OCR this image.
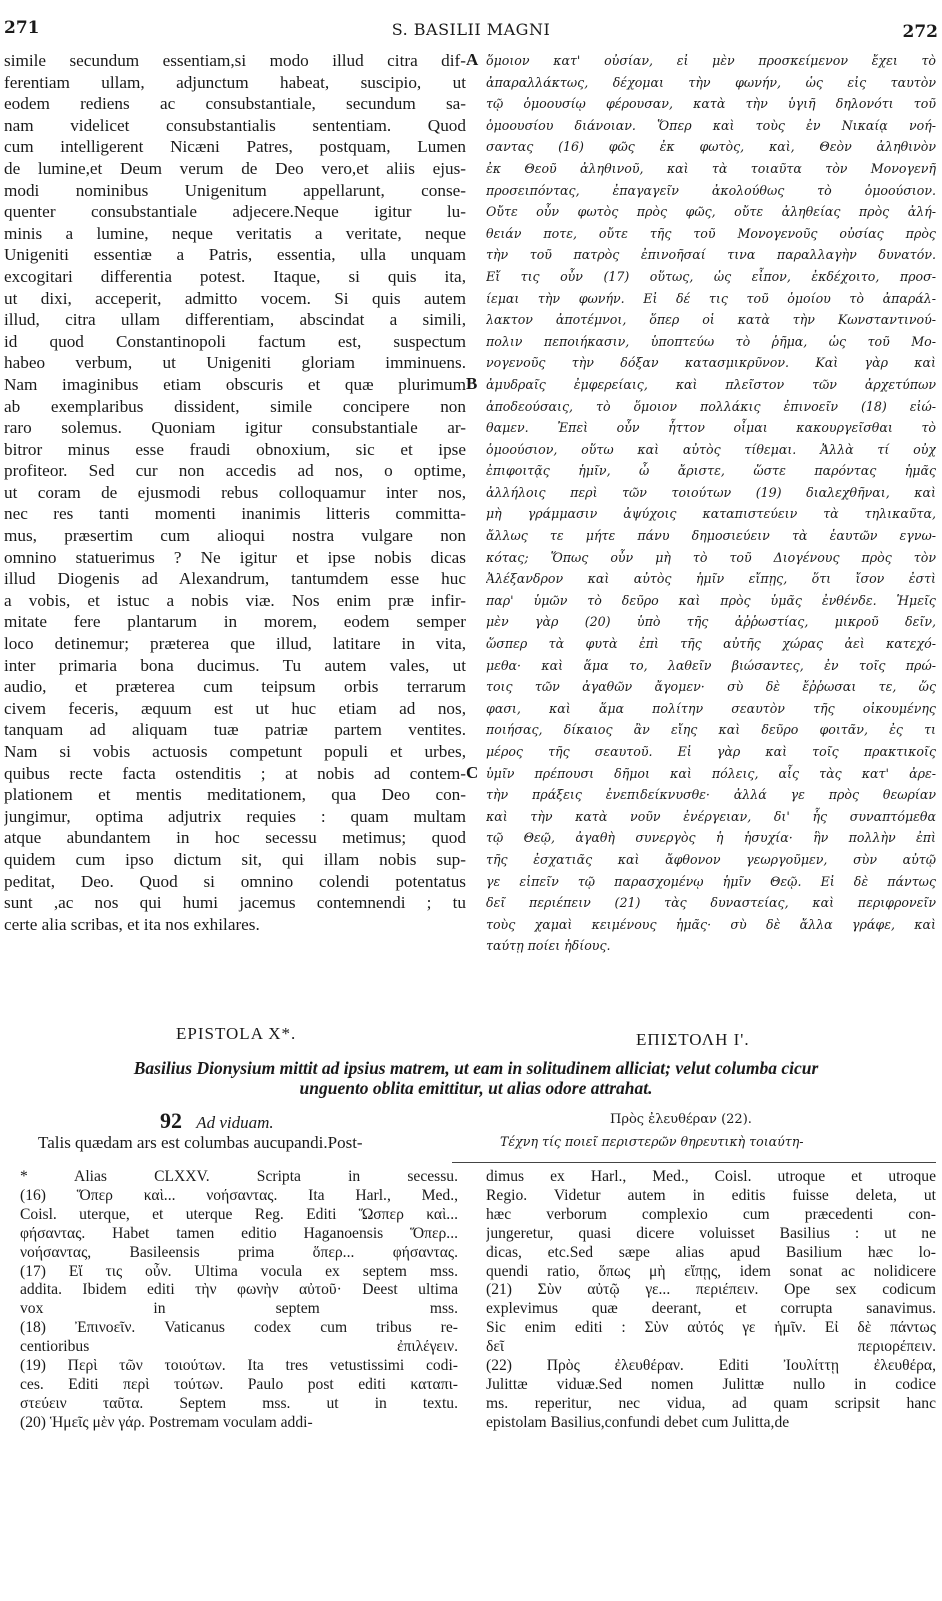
271	S. BASILII MAGNI	272
simile secundum essentiam,si modo illud citra dif-
ferentiam ullam, adjunctum habeat, suscipio, ut
eodem rediens ac consubstantiale, secundum sa-
nam videlicet consubstantialis sententiam. Quod
cum intelligerent Nicæni Patres, postquam, Lumen
de lumine,et Deum verum de Deo vero,et aliis ejus-
modi nominibus Unigenitum appellarunt, conse-
quenter consubstantiale adjecere.Neque igitur lu-
minis a lumine, neque veritatis a veritate, neque
Unigeniti essentiæ a Patris, essentia, ulla unquam
excogitari differentia potest. Itaque, si quis ita,
ut dixi, acceperit, admitto vocem. Si quis autem
illud, citra ullam differentiam, abscindat a simili,
id quod Constantinopoli factum est, suspectum
habeo verbum, ut Unigeniti gloriam imminuens.
Nam imaginibus etiam obscuris et quæ plurimum
ab exemplaribus dissident, simile concipere non
raro solemus. Quoniam igitur consubstantiale ar-
bitror minus esse fraudi obnoxium, sic et ipse
profiteor. Sed cur non accedis ad nos, o optime,
ut coram de ejusmodi rebus colloquamur inter nos,
nec res tanti momenti inanimis litteris committa-
mus, præsertim cum alioqui nostra vulgare non
omnino statuerimus ? Ne igitur et ipse nobis dicas
illud Diogenis ad Alexandrum, tantumdem esse huc
a vobis, et istuc a nobis viæ. Nos enim præ infir-
mitate fere plantarum in morem, eodem semper
loco detinemur; præterea que illud, latitare in vita,
inter primaria bona ducimus. Tu autem vales, ut
audio, et præterea cum teipsum orbis terrarum
civem feceris, æquum est ut huc etiam ad nos,
tanquam ad aliquam tuæ patriæ partem ventites.
Nam si vobis actuosis competunt populi et urbes,
quibus recte facta ostenditis ; at nobis ad contem-
plationem et mentis meditationem, qua Deo con-
jungimur, optima adjutrix requies : quam multam
atque abundantem in hoc secessu metimus; quod
quidem cum ipso dictum sit, qui illam nobis sup-
peditat, Deo. Quod si omnino colendi potentatus
sunt ,ac nos qui humi jacemus contemnendi ; tu
certe alia scribas, et ita nos exhilares.
ὅμοιον κατ' οὐσίαν, εἰ μὲν προσκείμενον ἔχει τὸ
ἀπαραλλάκτως, δέχομαι τὴν φωνήν, ὡς εἰς ταυτὸν
τῷ ὁμοουσίῳ φέρουσαν, κατὰ τὴν ὑγιῆ δηλονότι τοῦ
ὁμοουσίου διάνοιαν. Ὅπερ καὶ τοὺς ἐν Νικαίᾳ νοή-
σαντας (16) φῶς ἐκ φωτὸς, καὶ, Θεὸν ἀληθινὸν
ἐκ Θεοῦ ἀληθινοῦ, καὶ τὰ τοιαῦτα τὸν Μονογενῆ
προσειπόντας, ἐπαγαγεῖν ἀκολούθως τὸ ὁμοούσιον.
Οὔτε οὖν φωτὸς πρὸς φῶς, οὔτε ἀληθείας πρὸς ἀλή-
θειάν ποτε, οὔτε τῆς τοῦ Μονογενοῦς οὐσίας πρὸς
τὴν τοῦ πατρὸς ἐπινοῆσαί τινα παραλλαγὴν δυνατόν.
Εἴ τις οὖν (17) οὕτως, ὡς εἶπον, ἐκδέχοιτο, προσ-
ίεμαι τὴν φωνήν. Εἰ δέ τις τοῦ ὁμοίου τὸ ἀπαράλ-
λακτον ἀποτέμνοι, ὅπερ οἱ κατὰ τὴν Κωνσταντινού-
πολιν πεποιήκασιν, ὑποπτεύω τὸ ῥῆμα, ὡς τοῦ Μο-
νογενοῦς τὴν δόξαν κατασμικρῦνον. Καὶ γὰρ καὶ
ἀμυδραῖς ἐμφερείαις, καὶ πλεῖστον τῶν ἀρχετύπων
ἀποδεούσαις, τὸ ὅμοιον πολλάκις ἐπινοεῖν (18) εἰώ-
θαμεν. Ἐπεὶ οὖν ἧττον οἶμαι κακουργεῖσθαι τὸ
ὁμοούσιον, οὕτω καὶ αὐτὸς τίθεμαι. Ἀλλὰ τί οὐχ
ἐπιφοιτᾷς ἡμῖν, ὦ ἄριστε, ὥστε παρόντας ἡμᾶς
ἀλλήλοις περὶ τῶν τοιούτων (19) διαλεχθῆναι, καὶ
μὴ γράμμασιν ἀψύχοις καταπιστεύειν τὰ τηλικαῦτα,
ἄλλως τε μήτε πάνυ δημοσιεύειν τὰ ἑαυτῶν εγνω-
κότας; Ὅπως οὖν μὴ τὸ τοῦ Διογένους πρὸς τὸν
Ἀλέξανδρον καὶ αὐτὸς ἡμῖν εἴπῃς, ὅτι ἴσον ἐστὶ
παρ' ὑμῶν τὸ δεῦρο καὶ πρὸς ὑμᾶς ἐνθένδε. Ἡμεῖς
μὲν γὰρ (20) ὑπὸ τῆς ἀῤῥωστίας, μικροῦ δεῖν,
ὥσπερ τὰ φυτὰ ἐπὶ τῆς αὐτῆς χώρας ἀεὶ κατεχό-
μεθα· καὶ ἅμα το, λαθεῖν βιώσαντες, ἐν τοῖς πρώ-
τοις τῶν ἀγαθῶν ἄγομεν· σὺ δὲ ἔῤῥωσαι τε, ὥς
φασι, καὶ ἅμα πολίτην σεαυτὸν τῆς οἰκουμένης
ποιήσας, δίκαιος ἂν εἴης καὶ δεῦρο φοιτᾶν, ἐς τι
μέρος τῆς σεαυτοῦ. Εἰ γὰρ καὶ τοῖς πρακτικοῖς
ὑμῖν πρέπουσι δῆμοι καὶ πόλεις, αἷς τὰς κατ' ἀρε-
τὴν πράξεις ἐνεπιδείκνυσθε· ἀλλά γε πρὸς θεωρίαν
καὶ τὴν κατὰ νοῦν ἐνέργειαν, δι' ἧς συναπτόμεθα
τῷ Θεῷ, ἀγαθὴ συνεργὸς ἡ ἡσυχία· ἣν πολλὴν ἐπὶ
τῆς ἐσχατιᾶς καὶ ἄφθονον γεωργοῦμεν, σὺν αὐτῷ
γε εἰπεῖν τῷ παρασχομένῳ ἡμῖν Θεῷ. Εἰ δὲ πάντως
δεῖ περιέπειν (21) τὰς δυναστείας, καὶ περιφρονεῖν
τοὺς χαμαὶ κειμένους ἡμᾶς· σὺ δὲ ἄλλα γράφε, καὶ
ταύτῃ ποίει ἡδίους.
A
B
C
EPISTOLA X*.	ΕΠΙΣΤΟΛΗ Ι'.
Basilius Dionysium mittit ad ipsius matrem, ut eam in solitudinem alliciat; velut columba cicur
unguento oblita emittitur, ut alias odore attrahat.
92 Ad viduam.
Talis quædam ars est columbas aucupandi.Post-
Πρὸς ἐλευθέραν (22).
Τέχνη τίς ποιεῖ περιστερῶν θηρευτικὴ τοιαύτη-
* Alias CLXXV. Scripta in secessu.
(16) Ὅπερ καὶ... νοήσαντας. Ita Harl., Med.,
Coisl. uterque, et uterque Reg. Editi Ὥσπερ καὶ...
φήσαντας. Habet tamen editio Haganoensis Ὅπερ...
νοήσαντας, Basileensis prima ὅπερ... φήσαντας.
(17) Εἴ τις οὖν. Ultima vocula ex septem mss.
addita. Ibidem editi τὴν φωνὴν αὐτοῦ· Deest ultima
vox in septem mss.
(18) Ἐπινοεῖν. Vaticanus codex cum tribus re-
centioribus ἐπιλέγειν.
(19) Περὶ τῶν τοιούτων. Ita tres vetustissimi codi-
ces. Editi περὶ τούτων. Paulo post editi καταπι-
στεύειν ταῦτα. Septem mss. ut in textu.
(20) Ἡμεῖς μὲν γάρ. Postremam voculam addi-
dimus ex Harl., Med., Coisl. utroque et utroque
Regio. Videtur autem in editis fuisse deleta, ut
hæc verborum complexio cum præcedenti con-
jungeretur, quasi dicere voluisset Basilius : ut ne
dicas, etc.Sed sæpe alias apud Basilium hæc lo-
quendi ratio, ὅπως μὴ εἴπῃς, idem sonat ac nolidicere
(21) Σὺν αὐτῷ γε... περιέπειν. Ope sex codicum
explevimus quæ deerant, et corrupta sanavimus.
Sic enim editi : Σὺν αὐτός γε ἡμῖν. Εἰ δὲ πάντως
δεῖ περιορέπειν.
(22) Πρὸς ἐλευθέραν. Editi Ἰουλίττῃ ἐλευθέρα,
Julittæ viduæ.Sed nomen Julittæ nullo in codice
ms. reperitur, nec vidua, ad quam scripsit hanc
epistolam Basilius,confundi debet cum Julitta,de
